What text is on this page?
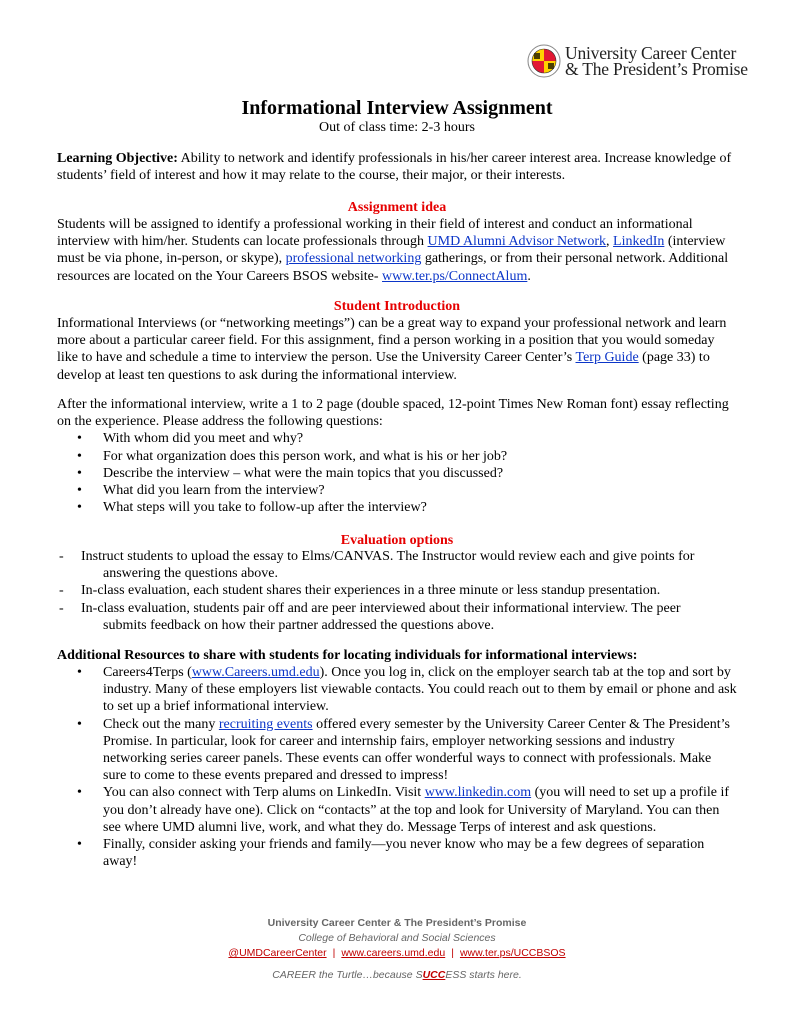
University Career Center
& The President’s Promise
Informational Interview Assignment
Out of class time: 2-3 hours
Learning Objective: Ability to network and identify professionals in his/her career interest area. Increase knowledge of students’ field of interest and how it may relate to the course, their major, or their interests.
Assignment idea
Students will be assigned to identify a professional working in their field of interest and conduct an informational interview with him/her. Students can locate professionals through UMD Alumni Advisor Network, LinkedIn (interview must be via phone, in-person, or skype), professional networking gatherings, or from their personal network. Additional resources are located on the Your Careers BSOS website- www.ter.ps/ConnectAlum.
Student Introduction
Informational Interviews (or “networking meetings”) can be a great way to expand your professional network and learn more about a particular career field. For this assignment, find a person working in a position that you would someday like to have and schedule a time to interview the person. Use the University Career Center’s Terp Guide (page 33) to develop at least ten questions to ask during the informational interview.
After the informational interview, write a 1 to 2 page (double spaced, 12-point Times New Roman font) essay reflecting on the experience. Please address the following questions:
• With whom did you meet and why?
• For what organization does this person work, and what is his or her job?
• Describe the interview – what were the main topics that you discussed?
• What did you learn from the interview?
• What steps will you take to follow-up after the interview?
Evaluation options
- Instruct students to upload the essay to Elms/CANVAS. The Instructor would review each and give points for
answering the questions above.
- In-class evaluation, each student shares their experiences in a three minute or less standup presentation.
- In-class evaluation, students pair off and are peer interviewed about their informational interview. The peer
submits feedback on how their partner addressed the questions above.
Additional Resources to share with students for locating individuals for informational interviews:
• Careers4Terps (www.Careers.umd.edu). Once you log in, click on the employer search tab at the top and sort by industry. Many of these employers list viewable contacts. You could reach out to them by email or phone and ask to set up a brief informational interview.
• Check out the many recruiting events offered every semester by the University Career Center & The President’s Promise. In particular, look for career and internship fairs, employer networking sessions and industry networking series career panels. These events can offer wonderful ways to connect with professionals. Make sure to come to these events prepared and dressed to impress!
• You can also connect with Terp alums on LinkedIn. Visit www.linkedin.com (you will need to set up a profile if you don’t already have one). Click on “contacts” at the top and look for University of Maryland. You can then see where UMD alumni live, work, and what they do. Message Terps of interest and ask questions.
• Finally, consider asking your friends and family—you never know who may be a few degrees of separation away!
University Career Center & The President’s Promise
College of Behavioral and Social Sciences
@UMDCareerCenter | www.careers.umd.edu | www.ter.ps/UCCBSOS
CAREER the Turtle…because SUCCESS starts here.
